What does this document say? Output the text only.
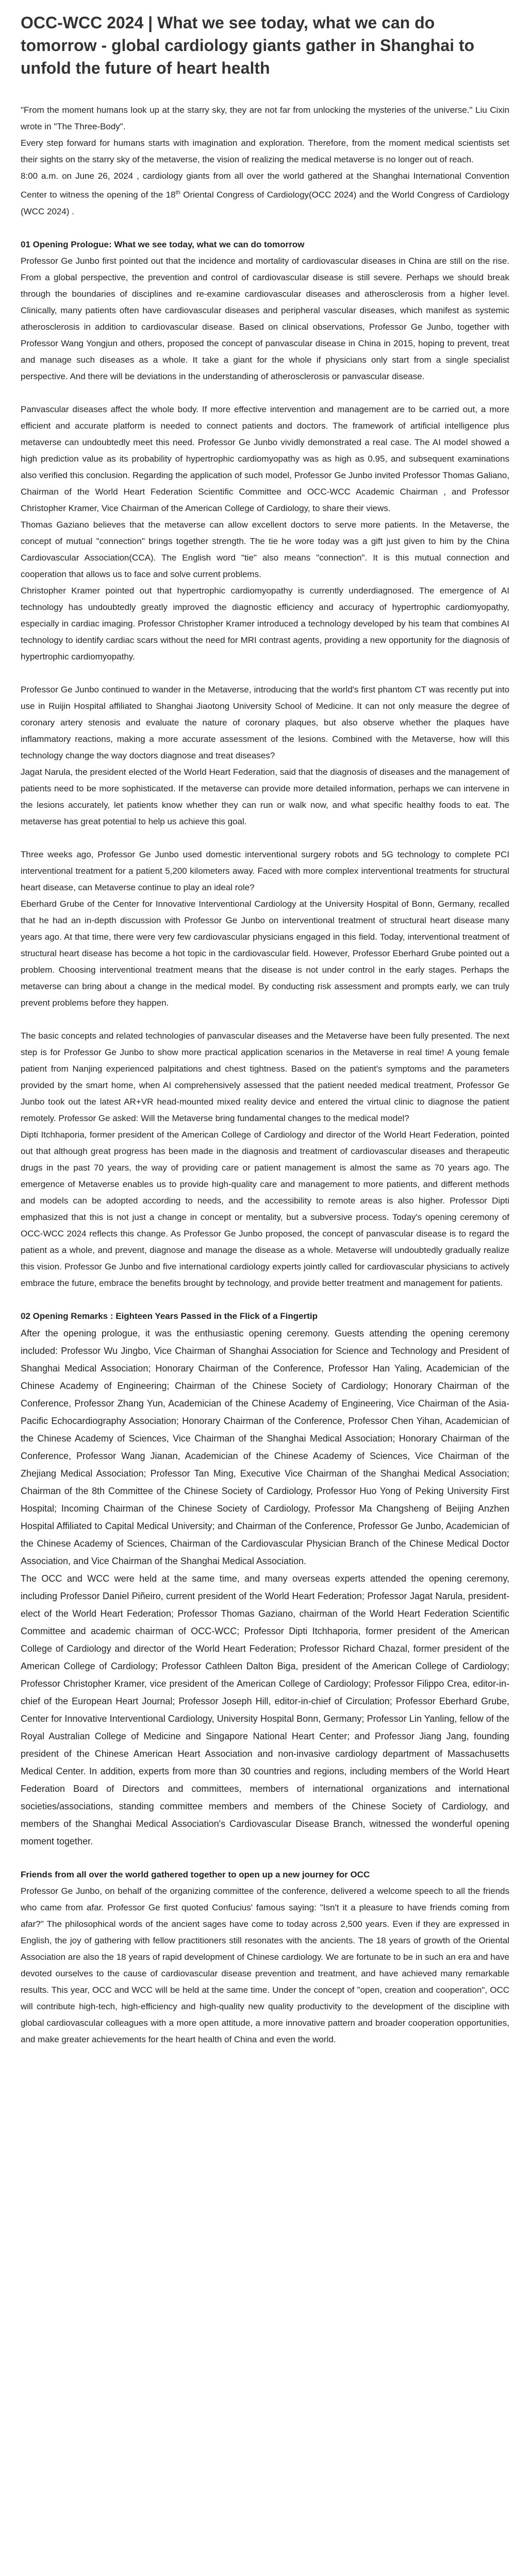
OCC-WCC 2024 | What we see today, what we can do tomorrow - global cardiology giants gather in Shanghai to unfold the future of heart health

"From the moment humans look up at the starry sky, they are not far from unlocking the mysteries of the universe." Liu Cixin wrote in "The Three-Body".

Every step forward for humans starts with imagination and exploration. Therefore, from the moment medical scientists set their sights on the starry sky of the metaverse, the vision of realizing the medical metaverse is no longer out of reach.

8:00 a.m. on June 26, 2024 , cardiology giants from all over the world gathered at the Shanghai International Convention Center to witness the opening of the 18th Oriental Congress of Cardiology(OCC 2024) and the World Congress of Cardiology (WCC 2024) .

01 Opening Prologue: What we see today, what we can do tomorrow

Professor Ge Junbo first pointed out that the incidence and mortality of cardiovascular diseases in China are still on the rise. From a global perspective, the prevention and control of cardiovascular disease is still severe. Perhaps we should break through the boundaries of disciplines and re-examine cardiovascular diseases and atherosclerosis from a higher level. Clinically, many patients often have cardiovascular diseases and peripheral vascular diseases, which manifest as systemic atherosclerosis in addition to cardiovascular disease. Based on clinical observations, Professor Ge Junbo, together with Professor Wang Yongjun and others, proposed the concept of panvascular disease in China in 2015, hoping to prevent, treat and manage such diseases as a whole. It take a giant for the whole if physicians only start from a single specialist perspective. And there will be deviations in the understanding of atherosclerosis or panvascular disease.

Panvascular diseases affect the whole body. If more effective intervention and management are to be carried out, a more efficient and accurate platform is needed to connect patients and doctors. The framework of artificial intelligence plus metaverse can undoubtedly meet this need. Professor Ge Junbo vividly demonstrated a real case. The AI model showed a high prediction value as its probability of hypertrophic cardiomyopathy was as high as 0.95, and subsequent examinations also verified this conclusion. Regarding the application of such model, Professor Ge Junbo invited Professor Thomas Galiano, Chairman of the World Heart Federation Scientific Committee and OCC-WCC Academic Chairman , and Professor Christopher Kramer, Vice Chairman of the American College of Cardiology, to share their views.

Thomas Gaziano believes that the metaverse can allow excellent doctors to serve more patients. In the Metaverse, the concept of mutual "connection" brings together strength. The tie he wore today was a gift just given to him by the China Cardiovascular Association(CCA). The English word "tie" also means "connection". It is this mutual connection and cooperation that allows us to face and solve current problems.

Christopher Kramer pointed out that hypertrophic cardiomyopathy is currently underdiagnosed. The emergence of AI technology has undoubtedly greatly improved the diagnostic efficiency and accuracy of hypertrophic cardiomyopathy, especially in cardiac imaging. Professor Christopher Kramer introduced a technology developed by his team that combines AI technology to identify cardiac scars without the need for MRI contrast agents, providing a new opportunity for the diagnosis of hypertrophic cardiomyopathy.

Professor Ge Junbo continued to wander in the Metaverse, introducing that the world's first phantom CT was recently put into use in Ruijin Hospital affiliated to Shanghai Jiaotong University School of Medicine. It can not only measure the degree of coronary artery stenosis and evaluate the nature of coronary plaques, but also observe whether the plaques have inflammatory reactions, making a more accurate assessment of the lesions. Combined with the Metaverse, how will this technology change the way doctors diagnose and treat diseases?

Jagat Narula, the president elected of the World Heart Federation, said that the diagnosis of diseases and the management of patients need to be more sophisticated. If the metaverse can provide more detailed information, perhaps we can intervene in the lesions accurately, let patients know whether they can run or walk now, and what specific healthy foods to eat. The metaverse has great potential to help us achieve this goal.

Three weeks ago, Professor Ge Junbo used domestic interventional surgery robots and 5G technology to complete PCI interventional treatment for a patient 5,200 kilometers away. Faced with more complex interventional treatments for structural heart disease, can Metaverse continue to play an ideal role?

Eberhard Grube of the Center for Innovative Interventional Cardiology at the University Hospital of Bonn, Germany, recalled that he had an in-depth discussion with Professor Ge Junbo on interventional treatment of structural heart disease many years ago. At that time, there were very few cardiovascular physicians engaged in this field. Today, interventional treatment of structural heart disease has become a hot topic in the cardiovascular field. However, Professor Eberhard Grube pointed out a problem. Choosing interventional treatment means that the disease is not under control in the early stages. Perhaps the metaverse can bring about a change in the medical model. By conducting risk assessment and prompts early, we can truly prevent problems before they happen.

The basic concepts and related technologies of panvascular diseases and the Metaverse have been fully presented. The next step is for Professor Ge Junbo to show more practical application scenarios in the Metaverse in real time! A young female patient from Nanjing experienced palpitations and chest tightness. Based on the patient's symptoms and the parameters provided by the smart home, when AI comprehensively assessed that the patient needed medical treatment, Professor Ge Junbo took out the latest AR+VR head-mounted mixed reality device and entered the virtual clinic to diagnose the patient remotely. Professor Ge asked: Will the Metaverse bring fundamental changes to the medical model?

Dipti Itchhaporia, former president of the American College of Cardiology and director of the World Heart Federation, pointed out that although great progress has been made in the diagnosis and treatment of cardiovascular diseases and therapeutic drugs in the past 70 years, the way of providing care or patient management is almost the same as 70 years ago. The emergence of Metaverse enables us to provide high-quality care and management to more patients, and different methods and models can be adopted according to needs, and the accessibility to remote areas is also higher. Professor Dipti emphasized that this is not just a change in concept or mentality, but a subversive process. Today's opening ceremony of OCC-WCC 2024 reflects this change. As Professor Ge Junbo proposed, the concept of panvascular disease is to regard the patient as a whole, and prevent, diagnose and manage the disease as a whole. Metaverse will undoubtedly gradually realize this vision. Professor Ge Junbo and five international cardiology experts jointly called for cardiovascular physicians to actively embrace the future, embrace the benefits brought by technology, and provide better treatment and management for patients.

02 Opening Remarks : Eighteen Years Passed in the Flick of a Fingertip

After the opening prologue, it was the enthusiastic opening ceremony. Guests attending the opening ceremony included: Professor Wu Jingbo, Vice Chairman of Shanghai Association for Science and Technology and President of Shanghai Medical Association; Honorary Chairman of the Conference, Professor Han Yaling, Academician of the Chinese Academy of Engineering; Chairman of the Chinese Society of Cardiology; Honorary Chairman of the Conference, Professor Zhang Yun, Academician of the Chinese Academy of Engineering, Vice Chairman of the Asia-Pacific Echocardiography Association; Honorary Chairman of the Conference, Professor Chen Yihan, Academician of the Chinese Academy of Sciences, Vice Chairman of the Shanghai Medical Association; Honorary Chairman of the Conference, Professor Wang Jianan, Academician of the Chinese Academy of Sciences, Vice Chairman of the Zhejiang Medical Association; Professor Tan Ming, Executive Vice Chairman of the Shanghai Medical Association; Chairman of the 8th Committee of the Chinese Society of Cardiology, Professor Huo Yong of Peking University First Hospital; Incoming Chairman of the Chinese Society of Cardiology, Professor Ma Changsheng of Beijing Anzhen Hospital Affiliated to Capital Medical University; and Chairman of the Conference, Professor Ge Junbo, Academician of the Chinese Academy of Sciences, Chairman of the Cardiovascular Physician Branch of the Chinese Medical Doctor Association, and Vice Chairman of the Shanghai Medical Association.

The OCC and WCC were held at the same time, and many overseas experts attended the opening ceremony, including Professor Daniel Piñeiro, current president of the World Heart Federation; Professor Jagat Narula, president-elect of the World Heart Federation; Professor Thomas Gaziano, chairman of the World Heart Federation Scientific Committee and academic chairman of OCC-WCC; Professor Dipti Itchhaporia, former president of the American College of Cardiology and director of the World Heart Federation; Professor Richard Chazal, former president of the American College of Cardiology; Professor Cathleen Dalton Biga, president of the American College of Cardiology; Professor Christopher Kramer, vice president of the American College of Cardiology; Professor Filippo Crea, editor-in-chief of the European Heart Journal; Professor Joseph Hill, editor-in-chief of Circulation; Professor Eberhard Grube, Center for Innovative Interventional Cardiology, University Hospital Bonn, Germany; Professor Lin Yanling, fellow of the Royal Australian College of Medicine and Singapore National Heart Center; and Professor Jiang Jang, founding president of the Chinese American Heart Association and non-invasive cardiology department of Massachusetts Medical Center. In addition, experts from more than 30 countries and regions, including members of the World Heart Federation Board of Directors and committees, members of international organizations and international societies/associations, standing committee members and members of the Chinese Society of Cardiology, and members of the Shanghai Medical Association's Cardiovascular Disease Branch, witnessed the wonderful opening moment together.

Friends from all over the world gathered together to open up a new journey for OCC

Professor Ge Junbo, on behalf of the organizing committee of the conference, delivered a welcome speech to all the friends who came from afar. Professor Ge first quoted Confucius' famous saying: "Isn't it a pleasure to have friends coming from afar?" The philosophical words of the ancient sages have come to today across 2,500 years. Even if they are expressed in English, the joy of gathering with fellow practitioners still resonates with the ancients. The 18 years of growth of the Oriental Association are also the 18 years of rapid development of Chinese cardiology. We are fortunate to be in such an era and have devoted ourselves to the cause of cardiovascular disease prevention and treatment, and have achieved many remarkable results. This year, OCC and WCC will be held at the same time. Under the concept of "open, creation and cooperation", OCC will contribute high-tech, high-efficiency and high-quality new quality productivity to the development of the discipline with global cardiovascular colleagues with a more open attitude, a more innovative pattern and broader cooperation opportunities, and make greater achievements for the heart health of China and even the world.
